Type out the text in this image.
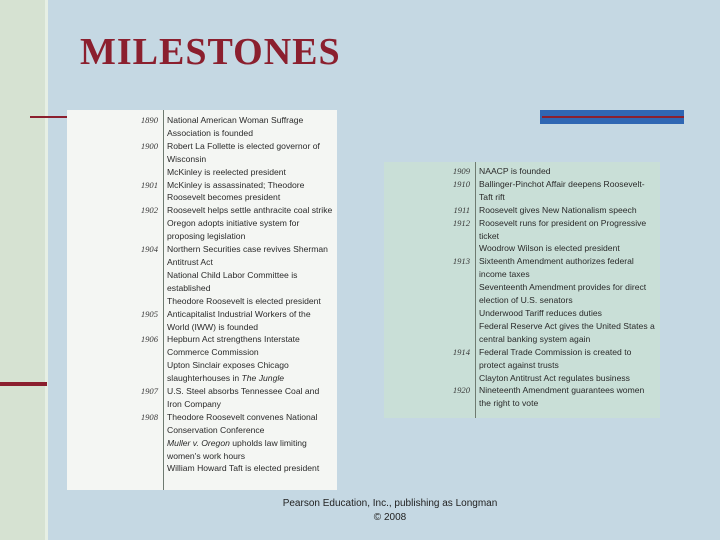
MILESTONES
1890	National American Woman Suffrage Association is founded
1900	Robert La Follette is elected governor of Wisconsin
McKinley is reelected president
1901	McKinley is assassinated; Theodore Roosevelt becomes president
1902	Roosevelt helps settle anthracite coal strike
Oregon adopts initiative system for proposing legislation
1904	Northern Securities case revives Sherman Antitrust Act
National Child Labor Committee is established
Theodore Roosevelt is elected president
1905	Anticapitalist Industrial Workers of the World (IWW) is founded
1906	Hepburn Act strengthens Interstate Commerce Commission
Upton Sinclair exposes Chicago slaughterhouses in The Jungle
1907	U.S. Steel absorbs Tennessee Coal and Iron Company
1908	Theodore Roosevelt convenes National Conservation Conference
Muller v. Oregon upholds law limiting women's work hours
William Howard Taft is elected president
1909	NAACP is founded
1910	Ballinger-Pinchot Affair deepens Roosevelt-Taft rift
1911	Roosevelt gives New Nationalism speech
1912	Roosevelt runs for president on Progressive ticket
Woodrow Wilson is elected president
1913	Sixteenth Amendment authorizes federal income taxes
Seventeenth Amendment provides for direct election of U.S. senators
Underwood Tariff reduces duties
Federal Reserve Act gives the United States a central banking system again
1914	Federal Trade Commission is created to protect against trusts
Clayton Antitrust Act regulates business
1920	Nineteenth Amendment guarantees women the right to vote
Pearson Education, Inc., publishing as Longman
© 2008
